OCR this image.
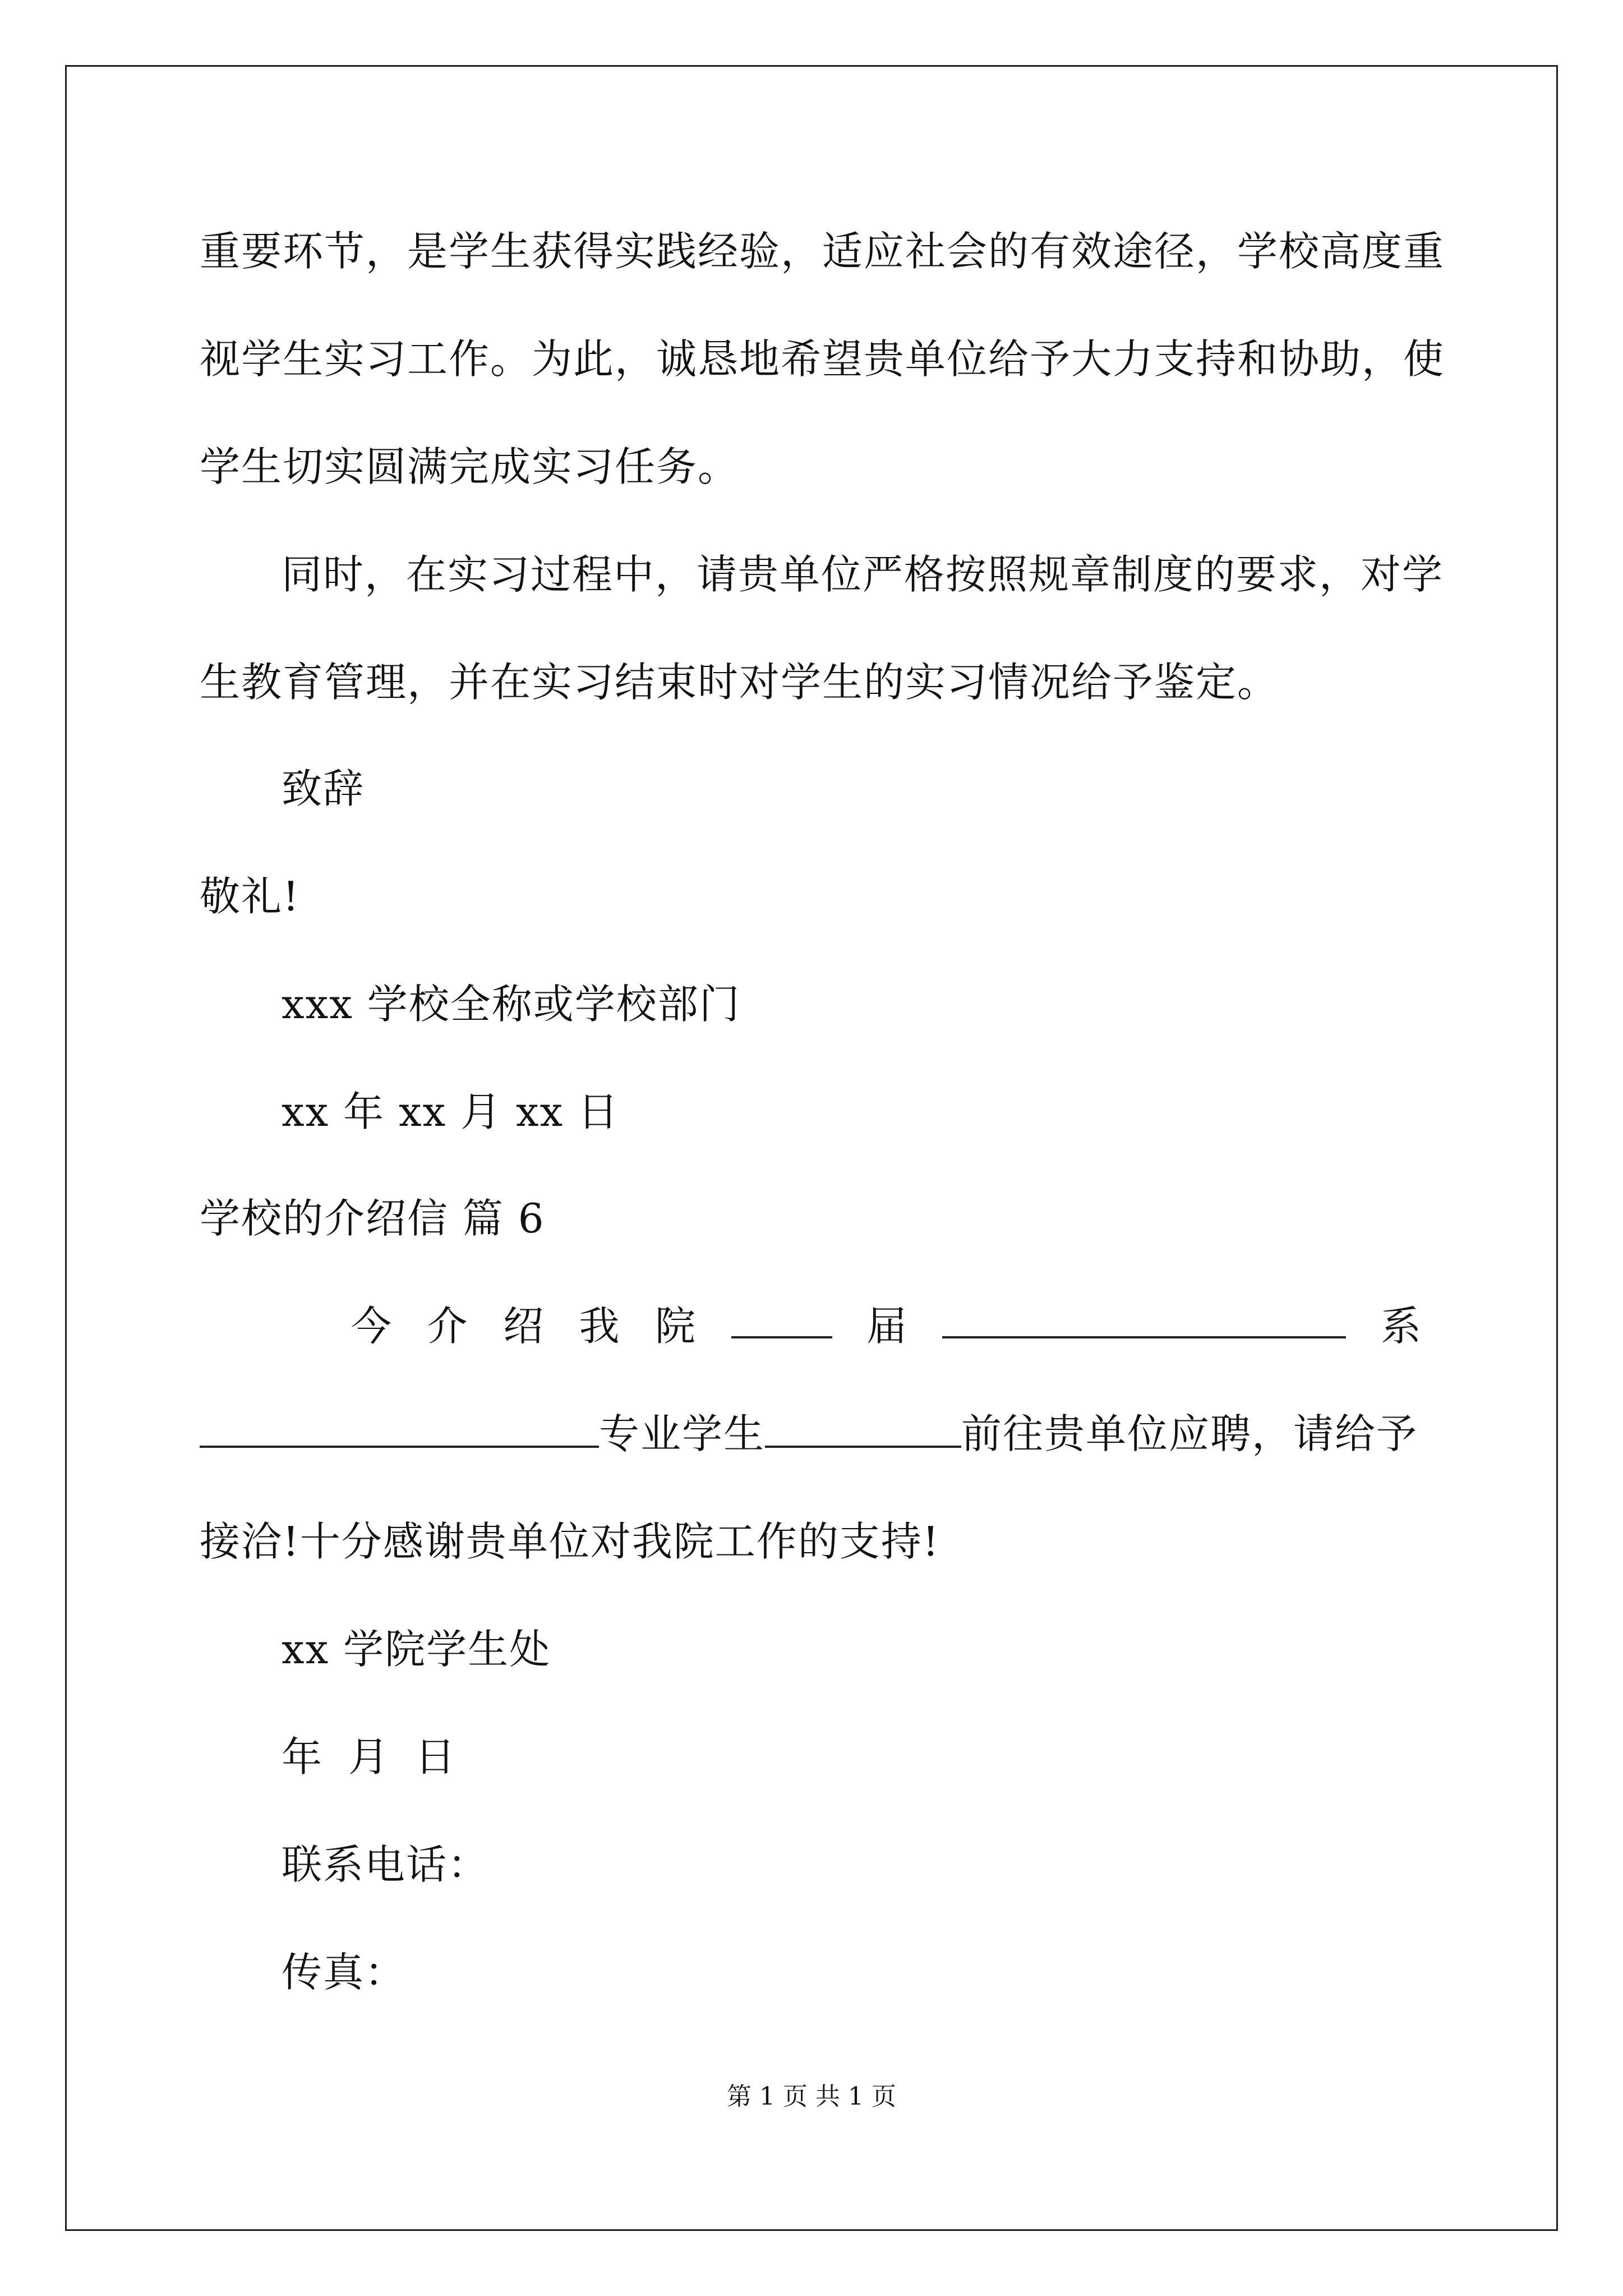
重要环节，是学生获得实践经验，适应社会的有效途径，学校高度重
视学生实习工作。为此，诚恳地希望贵单位给予大力支持和协助，使
学生切实圆满完成实习任务。
同时，在实习过程中，请贵单位严格按照规章制度的要求，对学
生教育管理，并在实习结束时对学生的实习情况给予鉴定。
致辞
敬礼!
xxx 学校全称或学校部门
xx 年 xx 月 xx 日
学校的介绍信 篇 6
今 介 绍 我 院	届	系
专业学生	前往贵单位应聘，请给予
接洽!十分感谢贵单位对我院工作的支持!
xx 学院学生处
年 月 日
联系电话：
传真：
第 1 页 共 1 页
